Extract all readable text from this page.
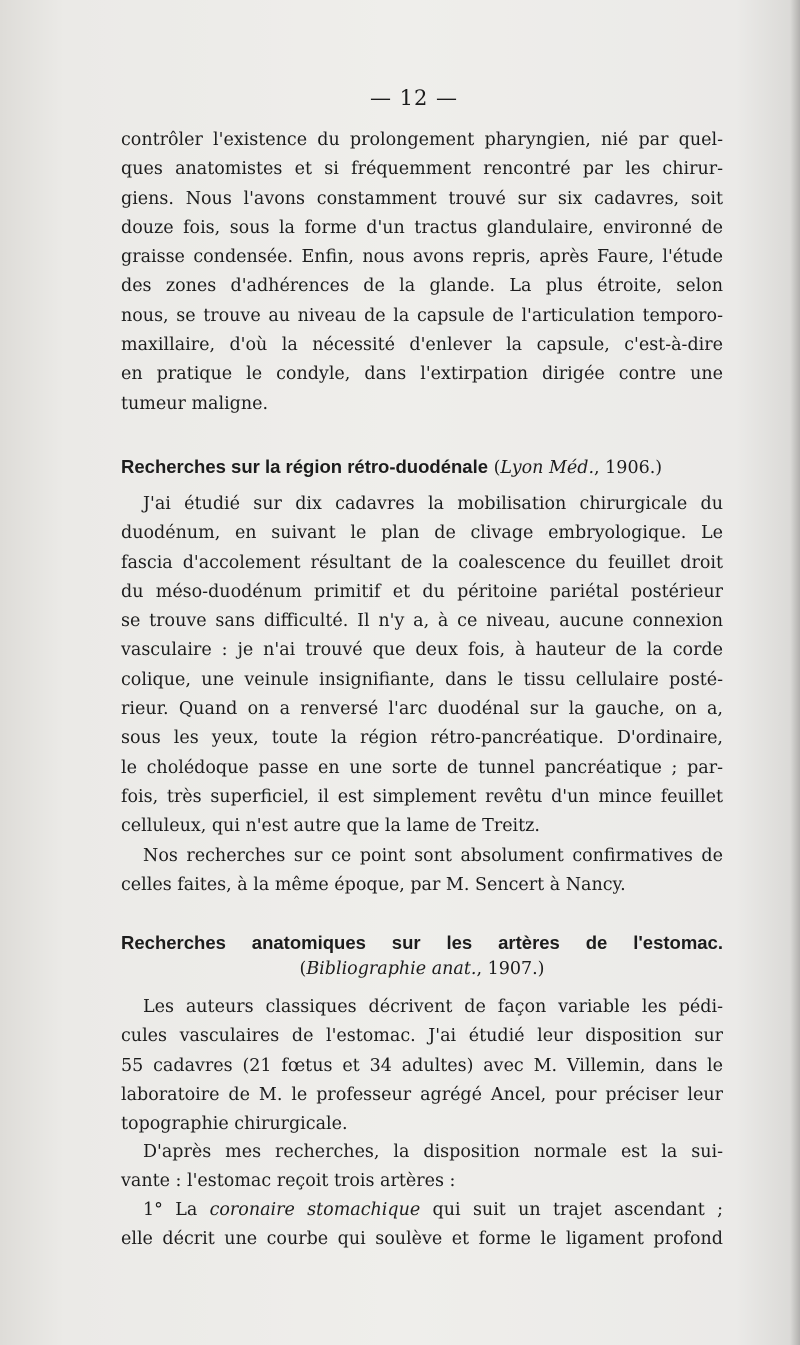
— 12 —
contrôler l'existence du prolongement pharyngien, nié par quel-
ques anatomistes et si fréquemment rencontré par les chirur-
giens. Nous l'avons constamment trouvé sur six cadavres, soit
douze fois, sous la forme d'un tractus glandulaire, environné de
graisse condensée. Enfin, nous avons repris, après Faure, l'étude
des zones d'adhérences de la glande. La plus étroite, selon
nous, se trouve au niveau de la capsule de l'articulation temporo-
maxillaire, d'où la nécessité d'enlever la capsule, c'est-à-dire
en pratique le condyle, dans l'extirpation dirigée contre une
tumeur maligne.
Recherches sur la région rétro-duodénale (Lyon Méd., 1906.)
J'ai étudié sur dix cadavres la mobilisation chirurgicale du
duodénum, en suivant le plan de clivage embryologique. Le
fascia d'accolement résultant de la coalescence du feuillet droit
du méso-duodénum primitif et du péritoine pariétal postérieur
se trouve sans difficulté. Il n'y a, à ce niveau, aucune connexion
vasculaire : je n'ai trouvé que deux fois, à hauteur de la corde
colique, une veinule insignifiante, dans le tissu cellulaire posté-
rieur. Quand on a renversé l'arc duodénal sur la gauche, on a,
sous les yeux, toute la région rétro-pancréatique. D'ordinaire,
le cholédoque passe en une sorte de tunnel pancréatique ; par-
fois, très superficiel, il est simplement revêtu d'un mince feuillet
celluleux, qui n'est autre que la lame de Treitz.
Nos recherches sur ce point sont absolument confirmatives de
celles faites, à la même époque, par M. Sencert à Nancy.
Recherches anatomiques sur les artères de l'estomac.
(Bibliographie anat., 1907.)
Les auteurs classiques décrivent de façon variable les pédi-
cules vasculaires de l'estomac. J'ai étudié leur disposition sur
55 cadavres (21 fœtus et 34 adultes) avec M. Villemin, dans le
laboratoire de M. le professeur agrégé Ancel, pour préciser leur
topographie chirurgicale.
D'après mes recherches, la disposition normale est la sui-
vante : l'estomac reçoit trois artères :
1° La coronaire stomachique qui suit un trajet ascendant ;
elle décrit une courbe qui soulève et forme le ligament profond
